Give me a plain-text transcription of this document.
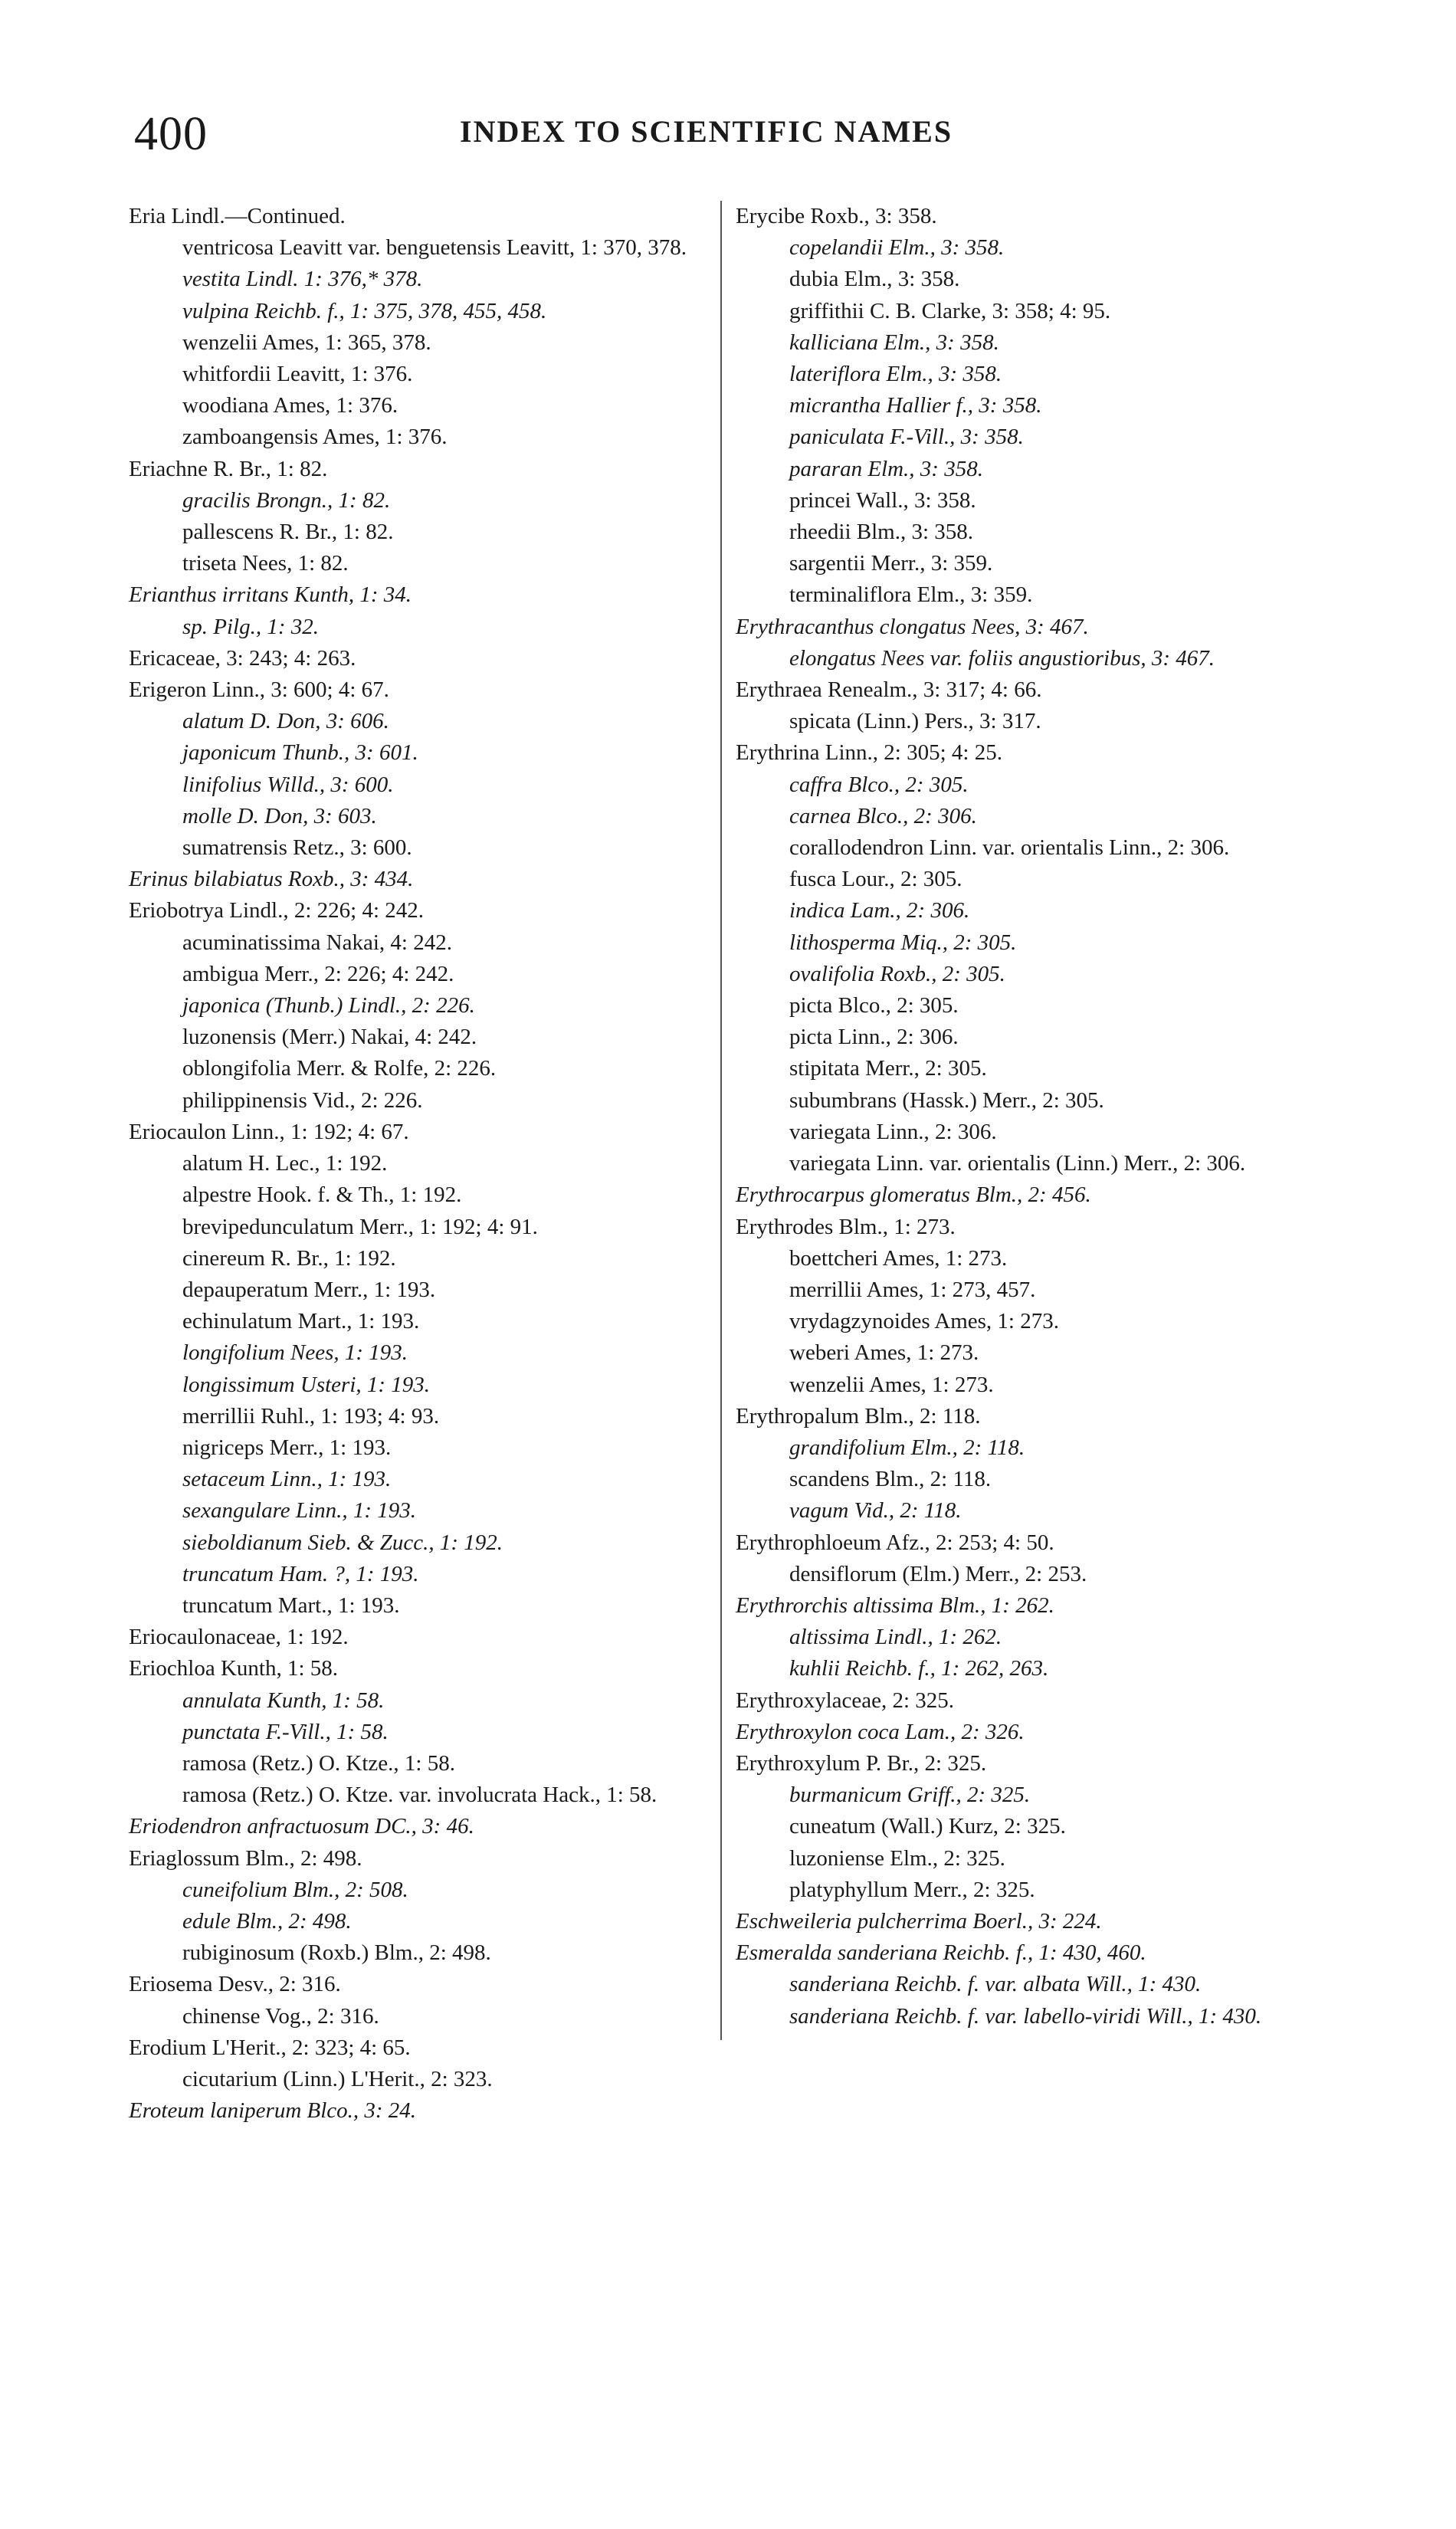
400	INDEX TO SCIENTIFIC NAMES
Eria Lindl.—Continued.
ventricosa Leavitt var. benguetensis Leavitt, 1: 370, 378.
vestita Lindl. 1: 376,* 378.
vulpina Reichb. f., 1: 375, 378, 455, 458.
wenzelii Ames, 1: 365, 378.
whitfordii Leavitt, 1: 376.
woodiana Ames, 1: 376.
zamboangensis Ames, 1: 376.
Eriachne R. Br., 1: 82.
gracilis Brongn., 1: 82.
pallescens R. Br., 1: 82.
triseta Nees, 1: 82.
Erianthus irritans Kunth, 1: 34.
sp. Pilg., 1: 32.
Ericaceae, 3: 243; 4: 263.
Erigeron Linn., 3: 600; 4: 67.
alatum D. Don, 3: 606.
japonicum Thunb., 3: 601.
linifolius Willd., 3: 600.
molle D. Don, 3: 603.
sumatrensis Retz., 3: 600.
Erinus bilabiatus Roxb., 3: 434.
Eriobotrya Lindl., 2: 226; 4: 242.
acuminatissima Nakai, 4: 242.
ambigua Merr., 2: 226; 4: 242.
japonica (Thunb.) Lindl., 2: 226.
luzonensis (Merr.) Nakai, 4: 242.
oblongifolia Merr. & Rolfe, 2: 226.
philippinensis Vid., 2: 226.
Eriocaulon Linn., 1: 192; 4: 67.
alatum H. Lec., 1: 192.
alpestre Hook. f. & Th., 1: 192.
brevipedunculatum Merr., 1: 192; 4: 91.
cinereum R. Br., 1: 192.
depauperatum Merr., 1: 193.
echinulatum Mart., 1: 193.
longifolium Nees, 1: 193.
longissimum Usteri, 1: 193.
merrillii Ruhl., 1: 193; 4: 93.
nigriceps Merr., 1: 193.
setaceum Linn., 1: 193.
sexangulare Linn., 1: 193.
sieboldianum Sieb. & Zucc., 1: 192.
truncatum Ham. ?, 1: 193.
truncatum Mart., 1: 193.
Eriocaulonaceae, 1: 192.
Eriochloa Kunth, 1: 58.
annulata Kunth, 1: 58.
punctata F.-Vill., 1: 58.
ramosa (Retz.) O. Ktze., 1: 58.
ramosa (Retz.) O. Ktze. var. involucrata Hack., 1: 58.
Eriodendron anfractuosum DC., 3: 46.
Eriaglossum Blm., 2: 498.
cuneifolium Blm., 2: 508.
edule Blm., 2: 498.
rubiginosum (Roxb.) Blm., 2: 498.
Eriosema Desv., 2: 316.
chinense Vog., 2: 316.
Erodium L'Herit., 2: 323; 4: 65.
cicutarium (Linn.) L'Herit., 2: 323.
Eroteum laniperum Blco., 3: 24.
Erycibe Roxb., 3: 358.
copelandii Elm., 3: 358.
dubia Elm., 3: 358.
griffithii C. B. Clarke, 3: 358; 4: 95.
kalliciana Elm., 3: 358.
lateriflora Elm., 3: 358.
micrantha Hallier f., 3: 358.
paniculata F.-Vill., 3: 358.
pararan Elm., 3: 358.
princei Wall., 3: 358.
rheedii Blm., 3: 358.
sargentii Merr., 3: 359.
terminaliflora Elm., 3: 359.
Erythracanthus clongatus Nees, 3: 467.
elongatus Nees var. foliis angustioribus, 3: 467.
Erythraea Renealm., 3: 317; 4: 66.
spicata (Linn.) Pers., 3: 317.
Erythrina Linn., 2: 305; 4: 25.
caffra Blco., 2: 305.
carnea Blco., 2: 306.
corallodendron Linn. var. orientalis Linn., 2: 306.
fusca Lour., 2: 305.
indica Lam., 2: 306.
lithosperma Miq., 2: 305.
ovalifolia Roxb., 2: 305.
picta Blco., 2: 305.
picta Linn., 2: 306.
stipitata Merr., 2: 305.
subumbrans (Hassk.) Merr., 2: 305.
variegata Linn., 2: 306.
variegata Linn. var. orientalis (Linn.) Merr., 2: 306.
Erythrocarpus glomeratus Blm., 2: 456.
Erythrodes Blm., 1: 273.
boettcheri Ames, 1: 273.
merrillii Ames, 1: 273, 457.
vrydagzynoides Ames, 1: 273.
weberi Ames, 1: 273.
wenzelii Ames, 1: 273.
Erythropalum Blm., 2: 118.
grandifolium Elm., 2: 118.
scandens Blm., 2: 118.
vagum Vid., 2: 118.
Erythrophloeum Afz., 2: 253; 4: 50.
densiflorum (Elm.) Merr., 2: 253.
Erythrorchis altissima Blm., 1: 262.
altissima Lindl., 1: 262.
kuhlii Reichb. f., 1: 262, 263.
Erythroxylaceae, 2: 325.
Erythroxylon coca Lam., 2: 326.
Erythroxylum P. Br., 2: 325.
burmanicum Griff., 2: 325.
cuneatum (Wall.) Kurz, 2: 325.
luzoniense Elm., 2: 325.
platyphyllum Merr., 2: 325.
Eschweileria pulcherrima Boerl., 3: 224.
Esmeralda sanderiana Reichb. f., 1: 430, 460.
sanderiana Reichb. f. var. albata Will., 1: 430.
sanderiana Reichb. f. var. labello-viridi Will., 1: 430.
